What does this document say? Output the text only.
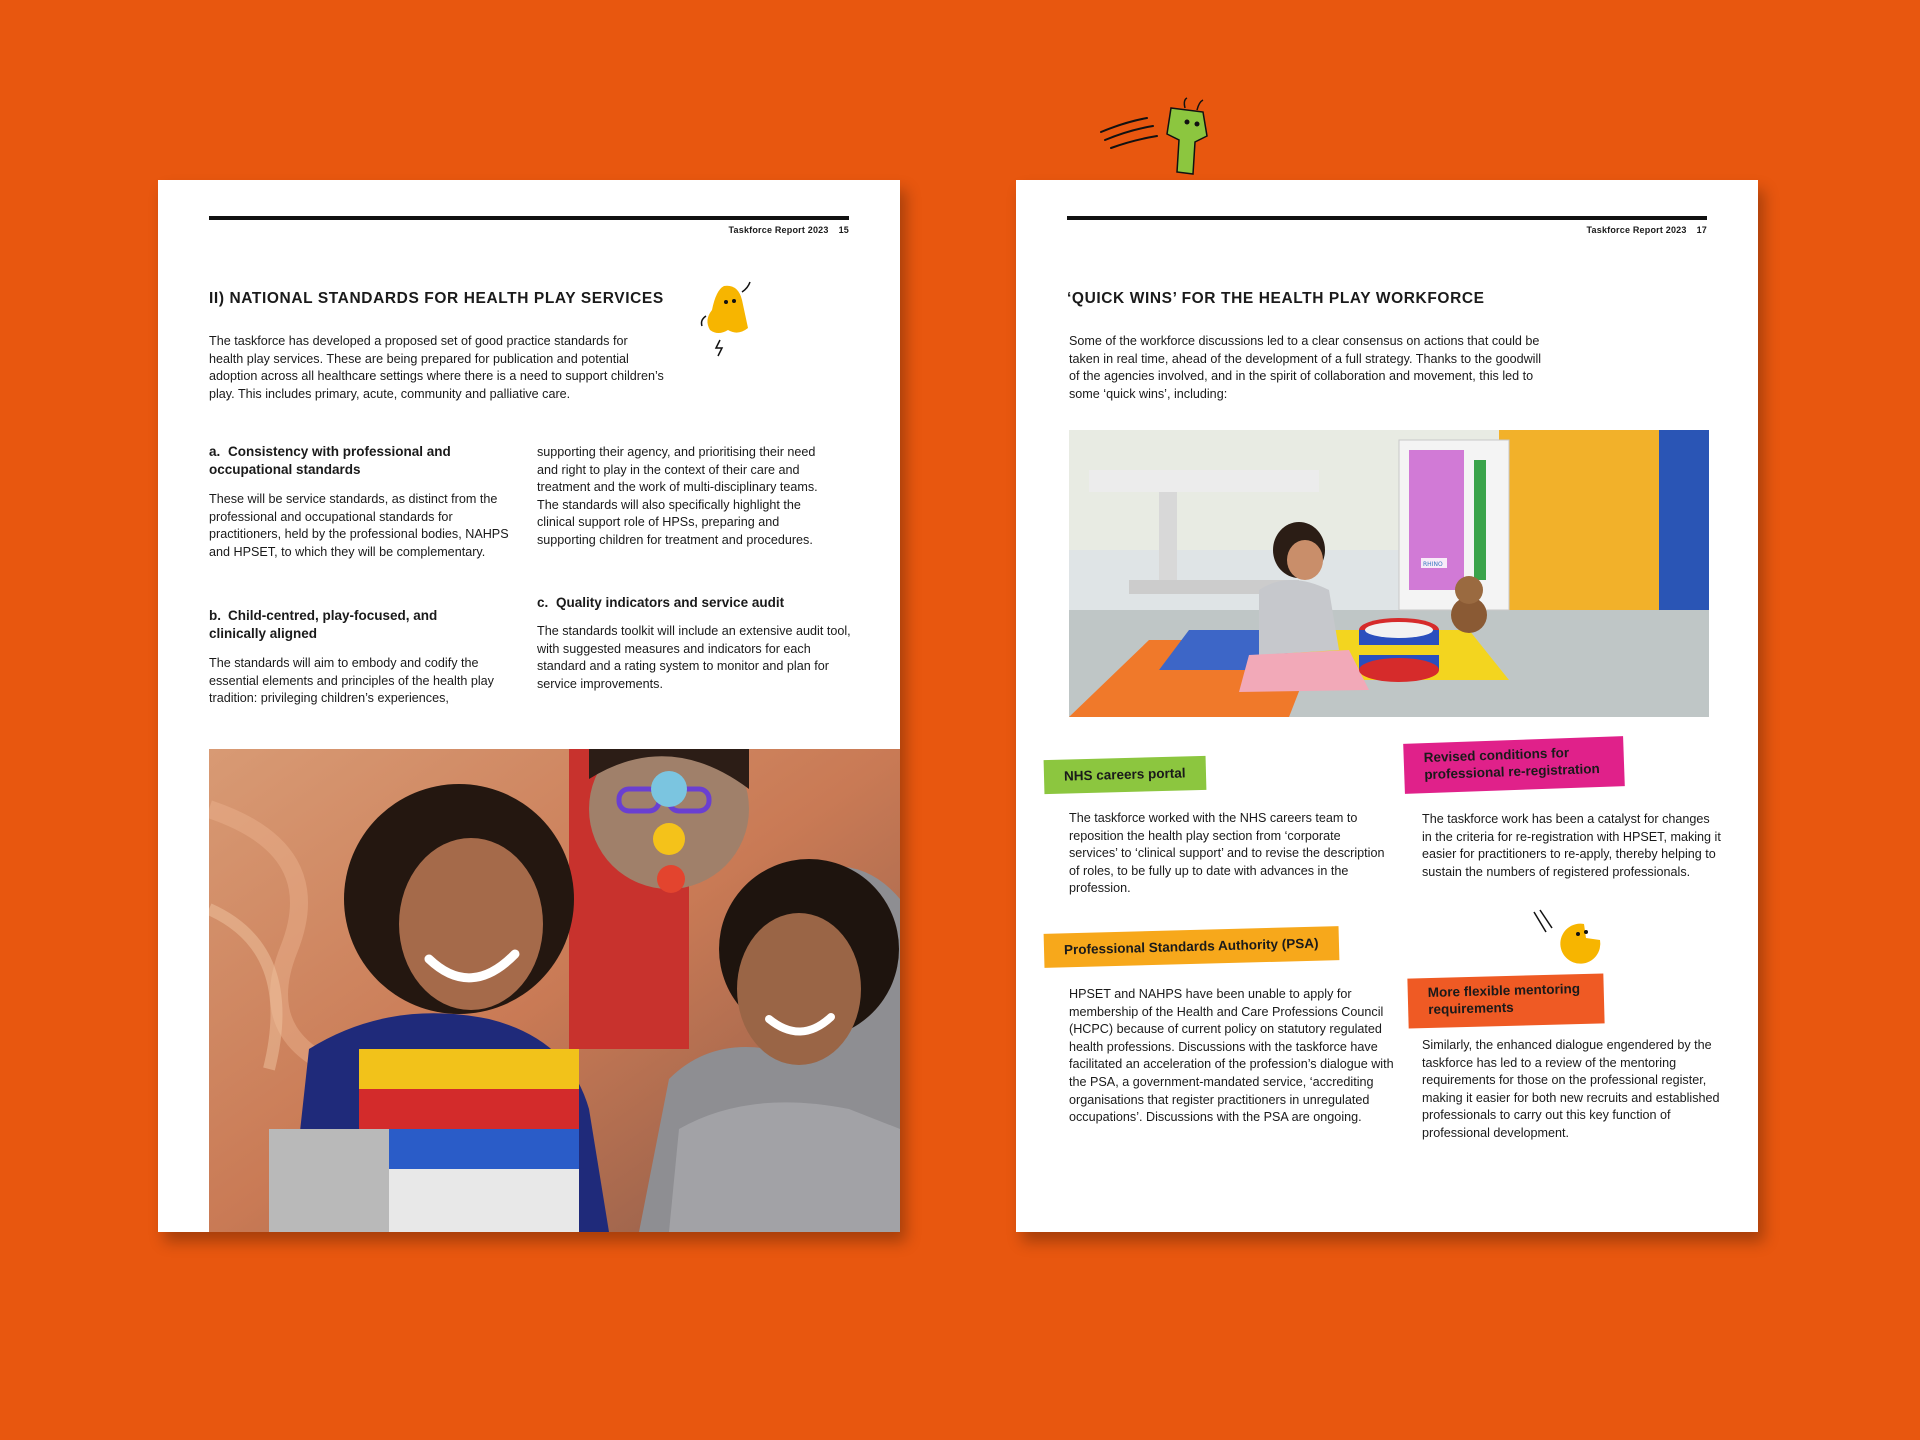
Taskforce Report 2023 15
II) NATIONAL STANDARDS FOR HEALTH PLAY SERVICES

The taskforce has developed a proposed set of good practice standards for health play services. These are being prepared for publication and potential adoption across all healthcare settings where there is a need to support children’s play. This includes primary, acute, community and palliative care.

a. Consistency with professional and occupational standards

These will be service standards, as distinct from the professional and occupational standards for practitioners, held by the professional bodies, NAHPS and HPSET, to which they will be complementary.

b. Child-centred, play-focused, and clinically aligned

The standards will aim to embody and codify the essential elements and principles of the health play tradition: privileging children’s experiences,

supporting their agency, and prioritising their need and right to play in the context of their care and treatment and the work of multi-disciplinary teams. The standards will also specifically highlight the clinical support role of HPSs, preparing and supporting children for treatment and procedures.

c. Quality indicators and service audit

The standards toolkit will include an extensive audit tool, with suggested measures and indicators for each standard and a rating system to monitor and plan for service improvements.

Taskforce Report 2023 17
‘QUICK WINS’ FOR THE HEALTH PLAY WORKFORCE

Some of the workforce discussions led to a clear consensus on actions that could be taken in real time, ahead of the development of a full strategy. Thanks to the goodwill of the agencies involved, and in the spirit of collaboration and movement, this led to some ‘quick wins’, including:

RHINO
NHS careers portal

The taskforce worked with the NHS careers team to reposition the health play section from ‘corporate services’ to ‘clinical support’ and to revise the description of roles, to be fully up to date with advances in the profession.

Revised conditions for professional re-registration

The taskforce work has been a catalyst for changes in the criteria for re-registration with HPSET, making it easier for practitioners to re-apply, thereby helping to sustain the numbers of registered professionals.

Professional Standards Authority (PSA)

HPSET and NAHPS have been unable to apply for membership of the Health and Care Professions Council (HCPC) because of current policy on statutory regulated health professions. Discussions with the taskforce have facilitated an acceleration of the profession’s dialogue with the PSA, a government-mandated service, ‘accrediting organisations that register practitioners in unregulated occupations’. Discussions with the PSA are ongoing.

More flexible mentoring requirements

Similarly, the enhanced dialogue engendered by the taskforce has led to a review of the mentoring requirements for those on the professional register, making it easier for both new recruits and established professionals to carry out this key function of professional development.
